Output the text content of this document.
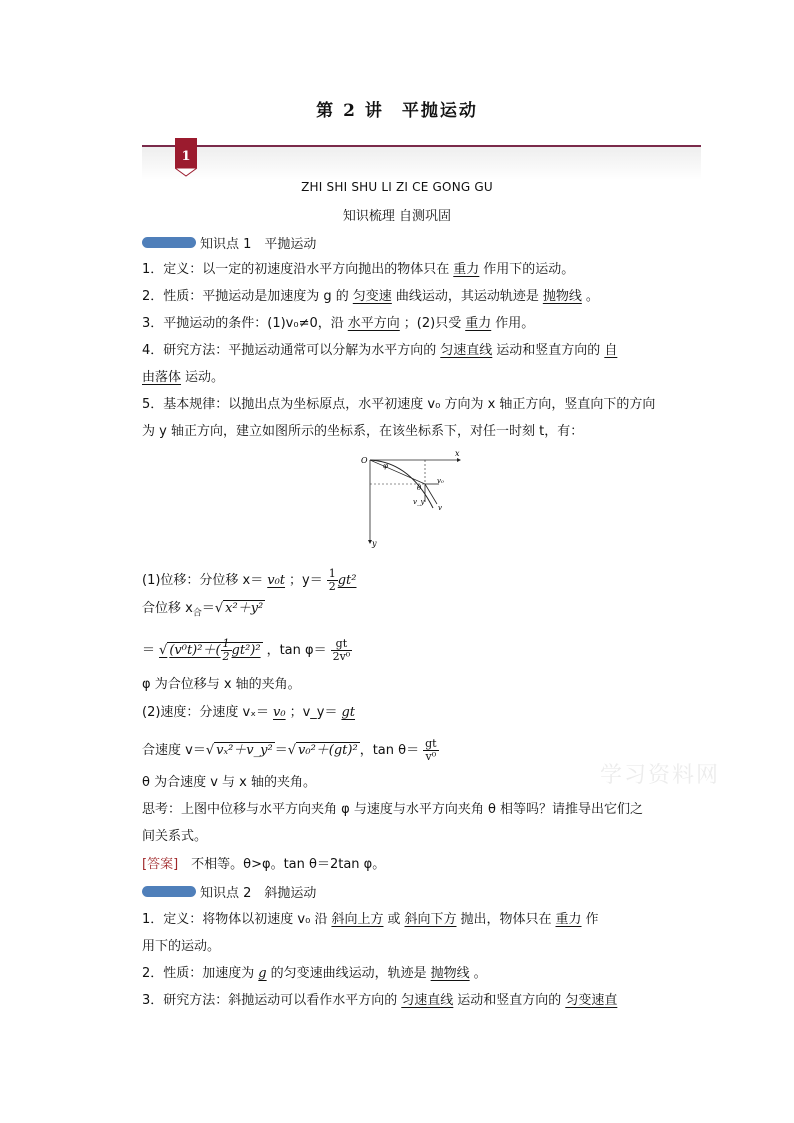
第 2 讲 平抛运动
1
ZHI SHI SHU LI ZI CE GONG GU
知识梳理 自测巩固
知识点 1　平抛运动
1．定义：以一定的初速度沿水平方向抛出的物体只在 重力 作用下的运动。
2．性质：平抛运动是加速度为 g 的 匀变速 曲线运动，其运动轨迹是 抛物线 。
3．平抛运动的条件：(1)v₀≠0，沿 水平方向 ；(2)只受 重力 作用。
4．研究方法：平抛运动通常可以分解为水平方向的 匀速直线 运动和竖直方向的 自
由落体 运动。
5．基本规律：以抛出点为坐标原点，水平初速度 v₀ 方向为 x 轴正方向，竖直向下的方向
为 y 轴正方向，建立如图所示的坐标系，在该坐标系下，对任一时刻 t，有：
O
x
y
φ
θ
v₀
v_y
v
(1)位移：分位移 x＝ v₀t ；$y= \frac{1}{2} gt^2$
合位移 $x_合=√$ x²＋y²
＝ √ $(v^0t)^2+( \frac{1}{2} gt^2)^2$ ，$\tan \varphi= \frac{gt}{\text{2v⁰}}$
φ 为合位移与 x 轴的夹角。
(2)速度：分速度 vₓ＝ v₀ ；v_y＝ gt
合速度 v＝√ vₓ²＋v_y² ＝√ v₀²＋(gt)² ，$\tan \theta= \frac{gt}{\text{v⁰}}$
θ 为合速度 v 与 x 轴的夹角。
思考：上图中位移与水平方向夹角 φ 与速度与水平方向夹角 θ 相等吗？请推导出它们之
间关系式。
[答案]　不相等。θ>φ。tan θ＝2tan φ。
知识点 2　斜抛运动
1．定义：将物体以初速度 v₀ 沿 斜向上方 或 斜向下方 抛出，物体只在 重力 作
用下的运动。
2．性质：加速度为 g 的匀变速曲线运动，轨迹是 抛物线 。
3．研究方法：斜抛运动可以看作水平方向的 匀速直线 运动和竖直方向的 匀变速直
学习资料网
